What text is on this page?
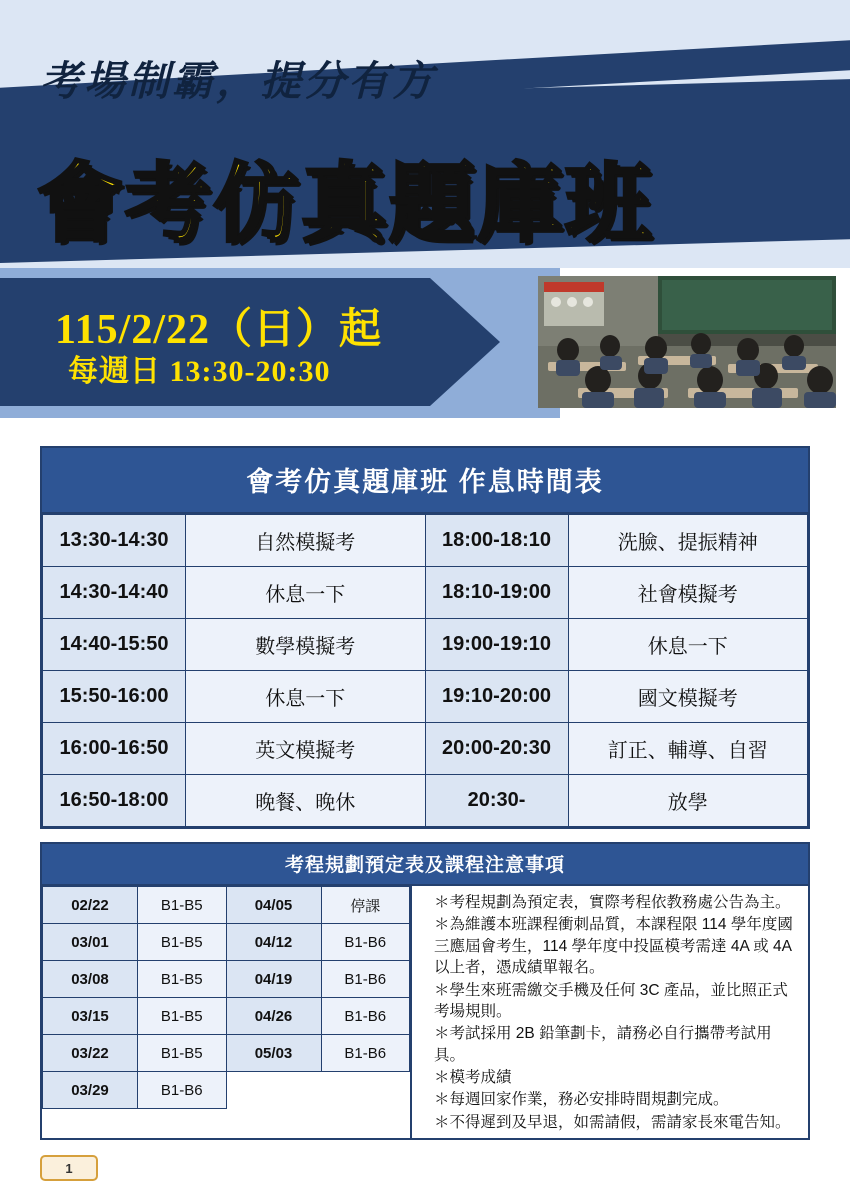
考場制霸，提分有方
會考仿真題庫班
115/2/22（日）起
每週日 13:30-20:30
會考仿真題庫班 作息時間表
13:30-14:30	自然模擬考	18:00-18:10	洗臉、提振精神
14:30-14:40	休息一下	18:10-19:00	社會模擬考
14:40-15:50	數學模擬考	19:00-19:10	休息一下
15:50-16:00	休息一下	19:10-20:00	國文模擬考
16:00-16:50	英文模擬考	20:00-20:30	訂正、輔導、自習
16:50-18:00	晚餐、晚休	20:30-	放學
考程規劃預定表及課程注意事項
02/22	B1-B5	04/05	停課
03/01	B1-B5	04/12	B1-B6
03/08	B1-B5	04/19	B1-B6
03/15	B1-B5	04/26	B1-B6
03/22	B1-B5	05/03	B1-B6
03/29	B1-B6		

＊考程規劃為預定表，實際考程依教務處公告為主。

＊為維護本班課程衝刺品質，本課程限 114 學年度國三應屆會考生，114 學年度中投區模考需達 4A 或 4A 以上者，憑成績單報名。

＊學生來班需繳交手機及任何 3C 產品，並比照正式考場規則。

＊考試採用 2B 鉛筆劃卡，請務必自行攜帶考試用具。

＊模考成績

＊每週回家作業，務必安排時間規劃完成。

＊不得遲到及早退，如需請假，需請家長來電告知。

1
